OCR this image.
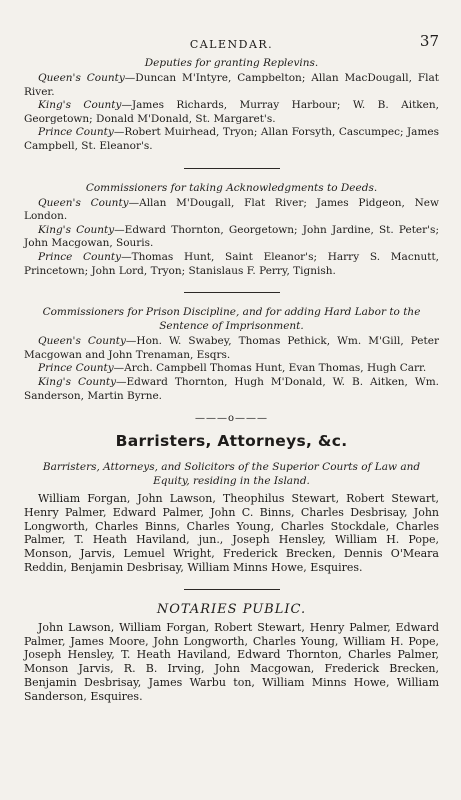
CALENDAR.	37

Deputies for granting Replevins.

Queen's County—Duncan M'Intyre, Campbelton; Allan MacDougall, Flat River.

King's County—James Richards, Murray Harbour; W. B. Aitken, Georgetown; Donald M'Donald, St. Margaret's.

Prince County—Robert Muirhead, Tryon; Allan Forsyth, Cascumpec; James Campbell, St. Eleanor's.

Commissioners for taking Acknowledgments to Deeds.

Queen's County—Allan M'Dougall, Flat River; James Pidgeon, New London.

King's County—Edward Thornton, Georgetown; John Jardine, St. Peter's; John Macgowan, Souris.

Prince County—Thomas Hunt, Saint Eleanor's; Harry S. Macnutt, Princetown; John Lord, Tryon; Stanislaus F. Perry, Tignish.

Commissioners for Prison Discipline, and for adding Hard Labor to the Sentence of Imprisonment.

Queen's County—Hon. W. Swabey, Thomas Pethick, Wm. M'Gill, Peter Macgowan and John Trenaman, Esqrs.

Prince County—Arch. Campbell Thomas Hunt, Evan Thomas, Hugh Carr.

King's County—Edward Thornton, Hugh M'Donald, W. B. Aitken, Wm. Sanderson, Martin Byrne.

———o———
Barristers, Attorneys, &c.

Barristers, Attorneys, and Solicitors of the Superior Courts of Law and Equity, residing in the Island.

William Forgan, John Lawson, Theophilus Stewart, Robert Stewart, Henry Palmer, Edward Palmer, John C. Binns, Charles Desbrisay, John Longworth, Charles Binns, Charles Young, Charles Stockdale, Charles Palmer, T. Heath Haviland, jun., Joseph Hensley, William H. Pope, Monson, Jarvis, Lemuel Wright, Frederick Brecken, Dennis O'Meara Reddin, Benjamin Desbrisay, William Minns Howe, Esquires.

NOTARIES PUBLIC.

John Lawson, William Forgan, Robert Stewart, Henry Palmer, Edward Palmer, James Moore, John Longworth, Charles Young, William H. Pope, Joseph Hensley, T. Heath Haviland, Edward Thornton, Charles Palmer, Monson Jarvis, R. B. Irving, John Macgowan, Frederick Brecken, Benjamin Desbrisay, James Warbu ton, William Minns Howe, William Sanderson, Esquires.
